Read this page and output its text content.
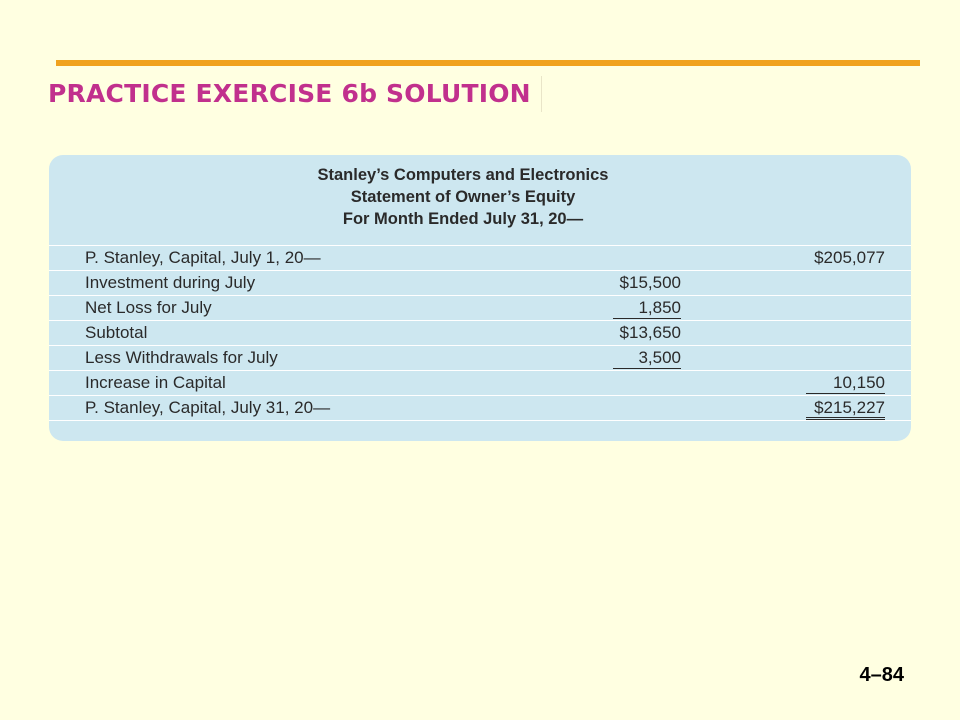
PRACTICE EXERCISE 6b SOLUTION
Stanley’s Computers and Electronics
Statement of Owner’s Equity
For Month Ended July 31, 20—
P. Stanley, Capital, July 1, 20—	$205,077
Investment during July	$15,500
Net Loss for July	1,850
Subtotal	$13,650
Less Withdrawals for July	3,500
Increase in Capital	10,150
P. Stanley, Capital, July 31, 20—	$215,227
4–84
